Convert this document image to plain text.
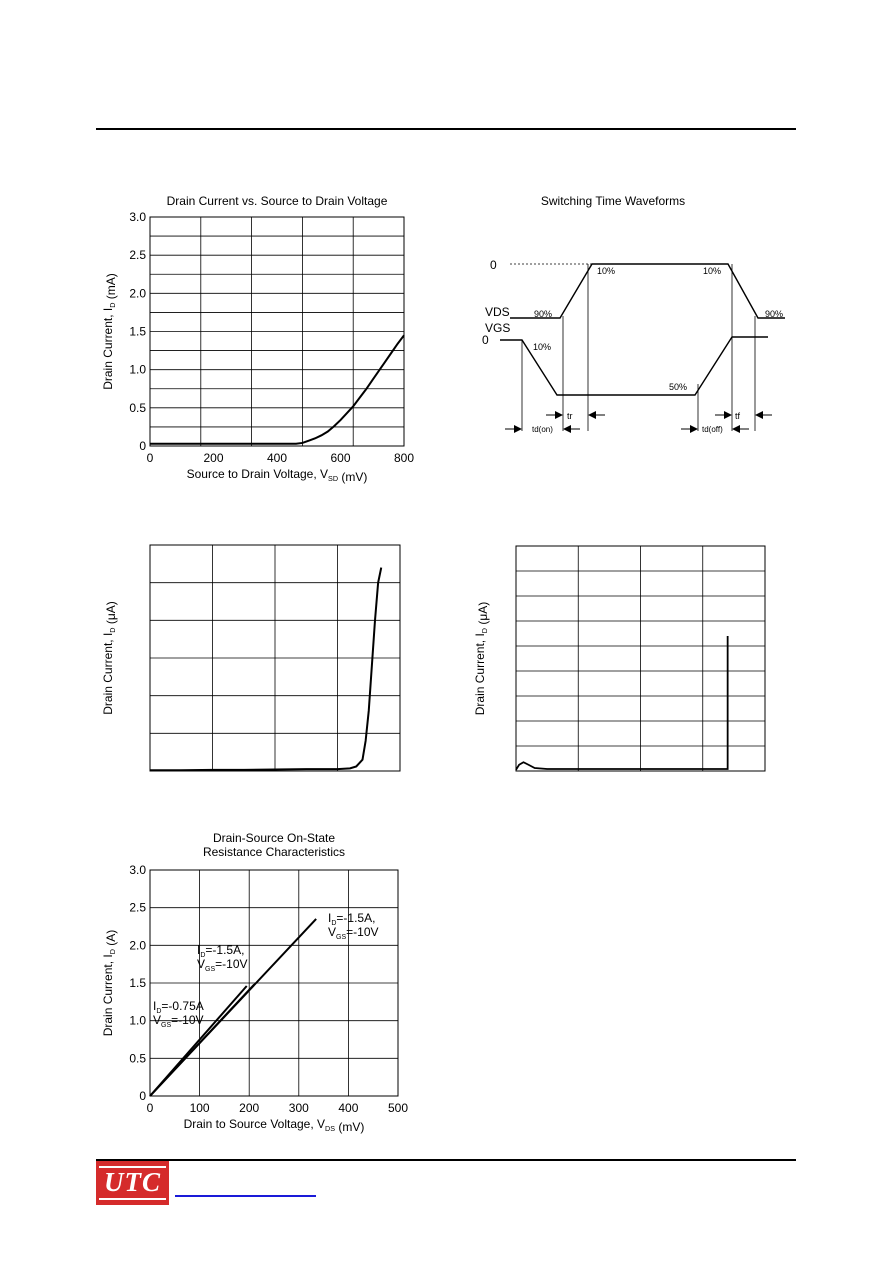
Drain Current vs. Source to Drain Voltage
0	200	400	600	800
0
0.5
1.0
1.5
2.0
2.5
3.0
Source to Drain Voltage, $V_{SD}$ (mV)
Drain Current, $I_D$ (mA)
Switching Time Waveforms
0
VDS
VGS
0
10%	10%
90%	90%
10%
50%
tr	tf
td(on)	td(off)
Drain Current, $I_D$ (μA)
Drain Current, $I_D$ (μA)
Drain-Source On-State
Resistance Characteristics
0	100 200 300 400 500
0
0.5
1.0
1.5
2.0
2.5
3.0
Drain to Source Voltage, $V_{DS}$ (mV)
Drain Current, $I_D$ (A)
$I_D=-1.5A$,
$V_{GS}=-10V$
$I_D=-1.5A$,
$V_{GS}=-10V$
$I_D=-0.75A$
$V_{GS}=-10V$
UTC
